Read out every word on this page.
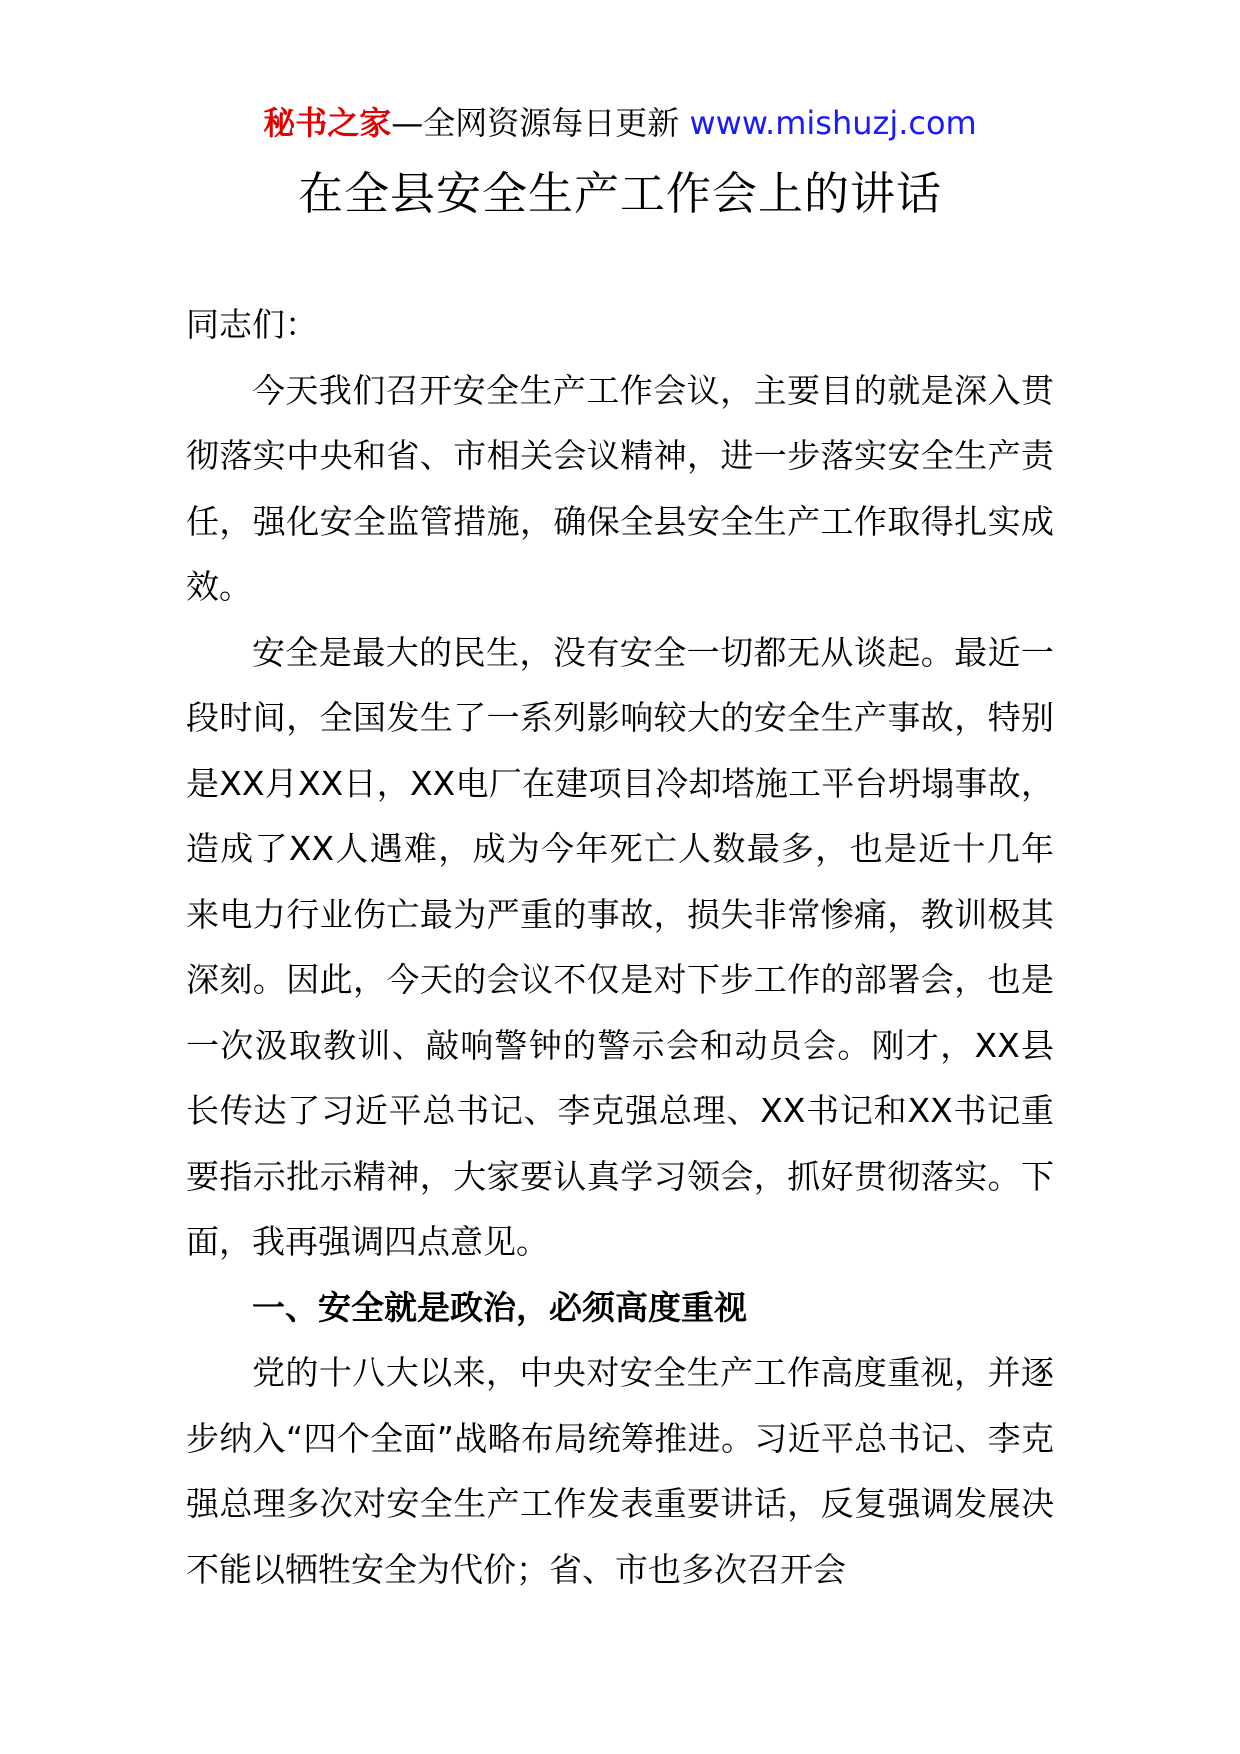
秘书之家—全网资源每日更新 www.mishuzj.com
在全县安全生产工作会上的讲话

同志们：

今天我们召开安全生产工作会议，主要目的就是深入贯彻落实中央和省、市相关会议精神，进一步落实安全生产责任，强化安全监管措施，确保全县安全生产工作取得扎实成效。

安全是最大的民生，没有安全一切都无从谈起。最近一段时间，全国发生了一系列影响较大的安全生产事故，特别是XX月XX日，XX电厂在建项目冷却塔施工平台坍塌事故，造成了XX人遇难，成为今年死亡人数最多，也是近十几年来电力行业伤亡最为严重的事故，损失非常惨痛，教训极其深刻。因此，今天的会议不仅是对下步工作的部署会，也是一次汲取教训、敲响警钟的警示会和动员会。刚才，XX县长传达了习近平总书记、李克强总理、XX书记和XX书记重要指示批示精神，大家要认真学习领会，抓好贯彻落实。下面，我再强调四点意见。

一、安全就是政治，必须高度重视

党的十八大以来，中央对安全生产工作高度重视，并逐步纳入“四个全面”战略布局统筹推进。习近平总书记、李克强总理多次对安全生产工作发表重要讲话，反复强调发展决不能以牺牲安全为代价；省、市也多次召开会
